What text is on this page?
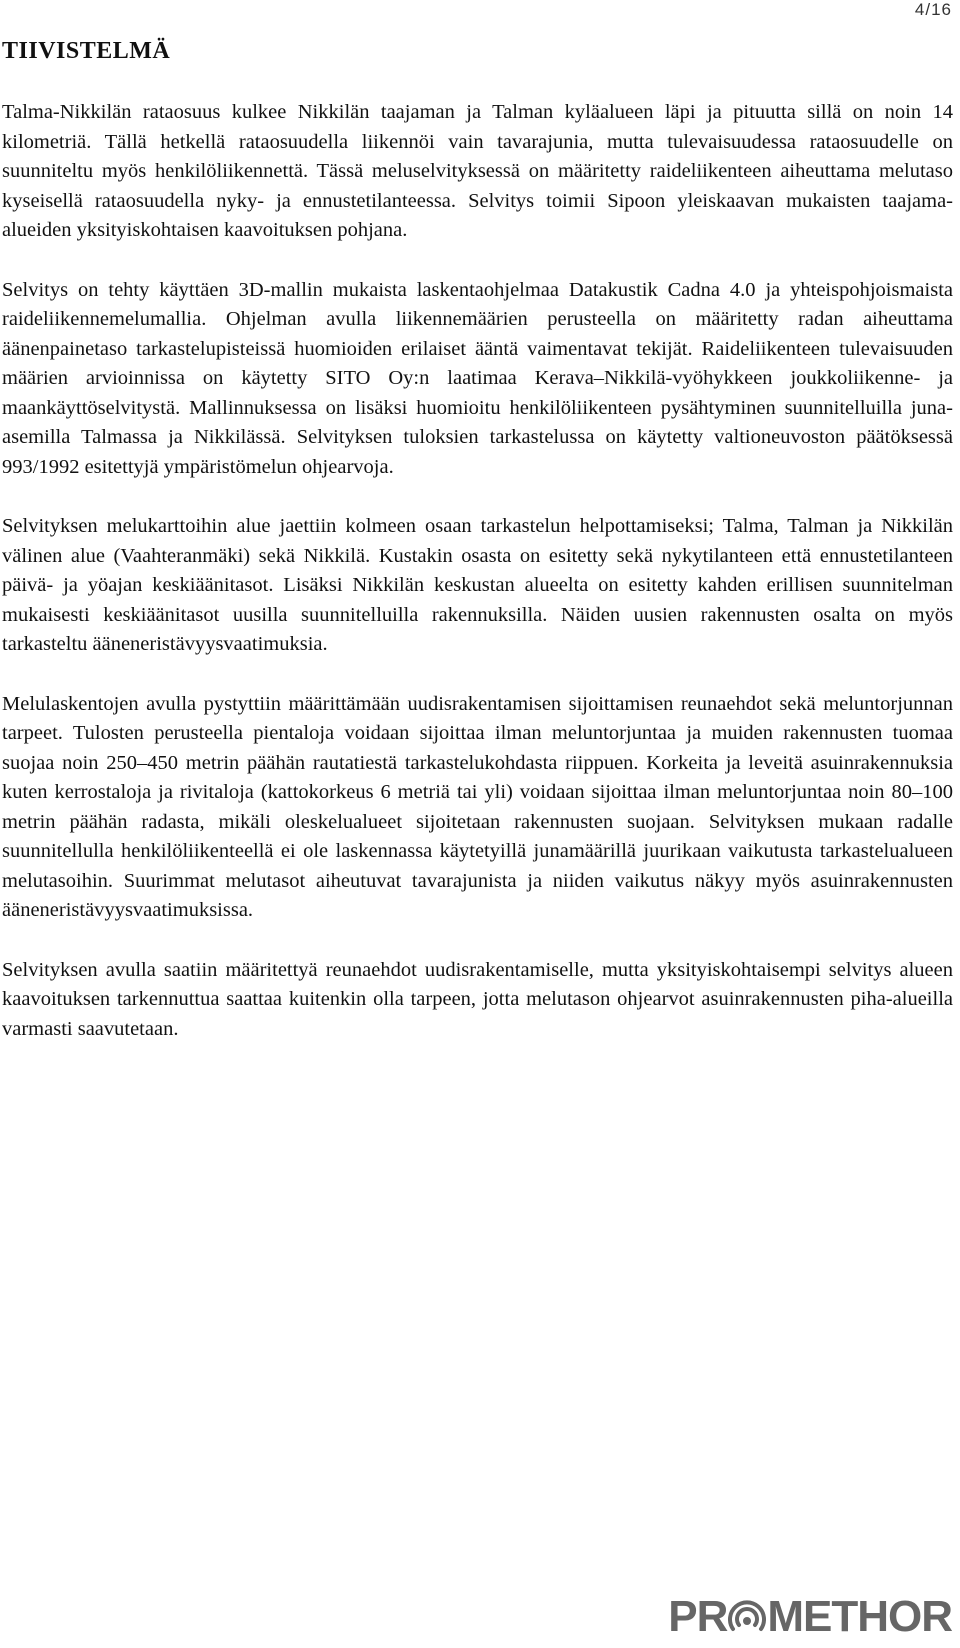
4/16
TIIVISTELMÄ

Talma-Nikkilän rataosuus kulkee Nikkilän taajaman ja Talman kyläalueen läpi ja pituutta sillä on noin 14 kilometriä. Tällä hetkellä rataosuudella liikennöi vain tavarajunia, mutta tulevaisuudessa rataosuudelle on suunniteltu myös henkilöliikennettä. Tässä meluselvityksessä on määritetty raideliikenteen aiheuttama melutaso kyseisellä rataosuudella nyky- ja ennustetilanteessa. Selvitys toimii Sipoon yleiskaavan mukaisten taajama-alueiden yksityiskohtaisen kaavoituksen pohjana.

Selvitys on tehty käyttäen 3D-mallin mukaista laskentaohjelmaa Datakustik Cadna 4.0 ja yhteispohjoismaista raideliikennemelumallia. Ohjelman avulla liikennemäärien perusteella on määritetty radan aiheuttama äänenpainetaso tarkastelupisteissä huomioiden erilaiset ääntä vaimentavat tekijät. Raideliikenteen tulevaisuuden määrien arvioinnissa on käytetty SITO Oy:n laatimaa Kerava–Nikkilä-vyöhykkeen joukkoliikenne- ja maankäyttöselvitystä. Mallinnuksessa on lisäksi huomioitu henkilöliikenteen pysähtyminen suunnitelluilla juna-asemilla Talmassa ja Nikkilässä. Selvityksen tuloksien tarkastelussa on käytetty valtioneuvoston päätöksessä 993/1992 esitettyjä ympäristömelun ohjearvoja.

Selvityksen melukarttoihin alue jaettiin kolmeen osaan tarkastelun helpottamiseksi; Talma, Talman ja Nikkilän välinen alue (Vaahteranmäki) sekä Nikkilä. Kustakin osasta on esitetty sekä nykytilanteen että ennustetilanteen päivä- ja yöajan keskiäänitasot. Lisäksi Nikkilän keskustan alueelta on esitetty kahden erillisen suunnitelman mukaisesti keskiäänitasot uusilla suunnitelluilla rakennuksilla. Näiden uusien rakennusten osalta on myös tarkasteltu ääneneristävyysvaatimuksia.

Melulaskentojen avulla pystyttiin määrittämään uudisrakentamisen sijoittamisen reunaehdot sekä meluntorjunnan tarpeet. Tulosten perusteella pientaloja voidaan sijoittaa ilman meluntorjuntaa ja muiden rakennusten tuomaa suojaa noin 250–450 metrin päähän rautatiestä tarkastelukohdasta riippuen. Korkeita ja leveitä asuinrakennuksia kuten kerrostaloja ja rivitaloja (kattokorkeus 6 metriä tai yli) voidaan sijoittaa ilman meluntorjuntaa noin 80–100 metrin päähän radasta, mikäli oleskelualueet sijoitetaan rakennusten suojaan. Selvityksen mukaan radalle suunnitellulla henkilöliikenteellä ei ole laskennassa käytetyillä junamäärillä juurikaan vaikutusta tarkastelualueen melutasoihin. Suurimmat melutasot aiheutuvat tavarajunista ja niiden vaikutus näkyy myös asuinrakennusten ääneneristävyysvaatimuksissa.

Selvityksen avulla saatiin määritettyä reunaehdot uudisrakentamiselle, mutta yksityiskohtaisempi selvitys alueen kaavoituksen tarkennuttua saattaa kuitenkin olla tarpeen, jotta melutason ohjearvot asuinrakennusten piha-alueilla varmasti saavutetaan.

PR METHOR
